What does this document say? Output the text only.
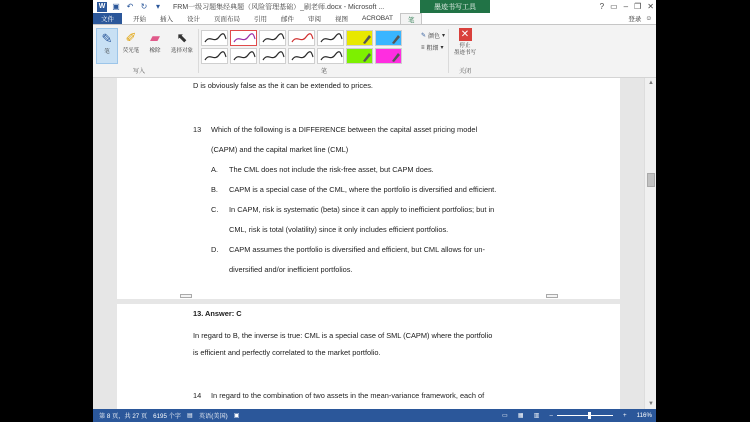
W ▣ ↶ ↻	▾	FRM一级习题集经典题（风险管理基础）_刷老师.docx - Microsoft ...	墨迹书写工具	? ▭ – ❐ ✕
文件	开始	插入	设计	页面布局	引用	邮件	审阅	视图	ACROBAT	笔	登录 ☺
✎
笔
✐
荧光笔
▰
橡除
⬉
选择对象
写入
✎ 颜色 ▾
≡ 粗细 ▾
笔
✕
停止
墨迹书写
关闭
D is obviously false as the it can be extended to prices.
13 Which of the following is a DIFFERENCE between the capital asset pricing model
(CAPM) and the capital market line (CML)
A. The CML does not include the risk-free asset, but CAPM does.
B. CAPM is a special case of the CML, where the portfolio is diversified and efficient.
C. In CAPM, risk is systematic (beta) since it can apply to inefficient portfolios; but in
CML, risk is total (volatility) since it only includes efficient portfolios.
D. CAPM assumes the portfolio is diversified and efficient, but CML allows for un-
diversified and/or inefficient portfolios.
13. Answer: C
In regard to B, the inverse is true: CML is a special case of SML (CAPM) where the portfolio
is efficient and perfectly correlated to the market portfolio.
14 In regard to the combination of two assets in the mean-variance framework, each of
▲
▼
第 8 页，共 27 页 6195 个字 ▤ 英语(美国) ▣	▭ ▦ ▥ –	+ 116%
